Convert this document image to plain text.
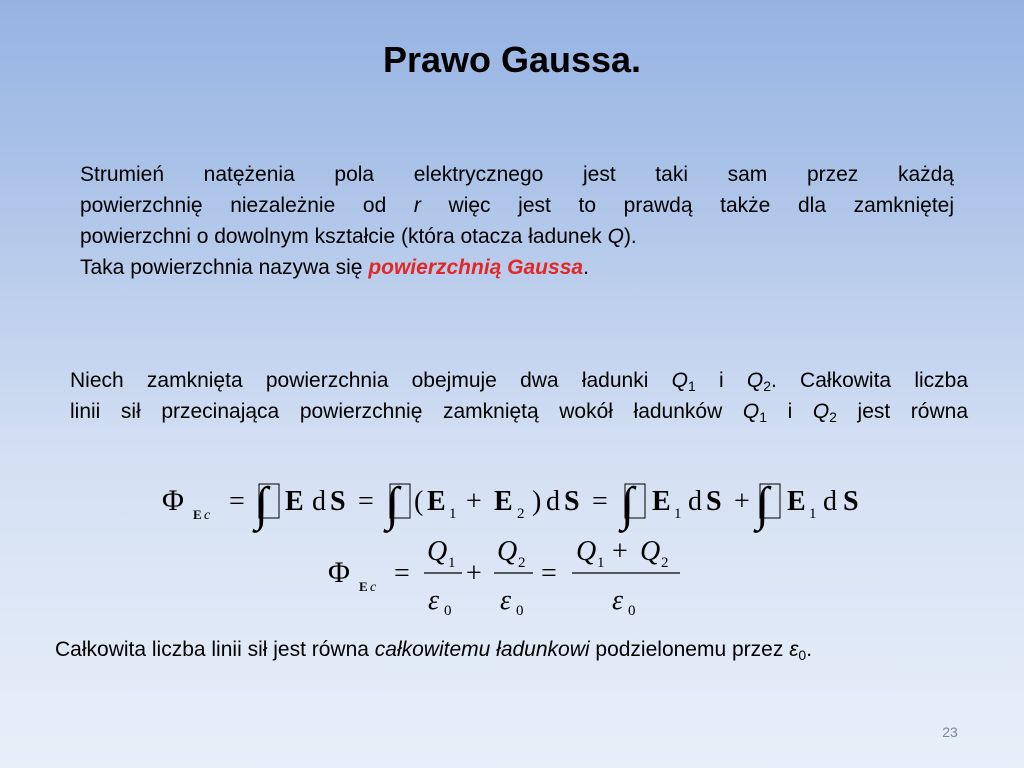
Prawo Gaussa.
Strumień natężenia pola elektrycznego jest taki sam przez każdą
powierzchnię niezależnie od r więc jest to prawdą także dla zamkniętej
powierzchni o dowolnym kształcie (która otacza ładunek Q).
Taka powierzchnia nazywa się powierzchnią Gaussa.
Niech zamknięta powierzchnia obejmuje dwa ładunki $Q_1$ i $Q_2$. Całkowita liczba
linii sił przecinająca powierzchnię zamkniętą wokół ładunków $Q_1$ i $Q_2$ jest równa
Φ E c = ∫ E d S = ∫ ( E 1 + E 2 ) d S = ∫ E 1 d S + ∫ E 1 d S
Φ E c =
Q 1
ε 0
+
Q 2
ε 0
=
Q 1 + Q 2
ε 0
Całkowita liczba linii sił jest równa całkowitemu ładunkowi podzielonemu przez $\varepsilon_0$.
23
